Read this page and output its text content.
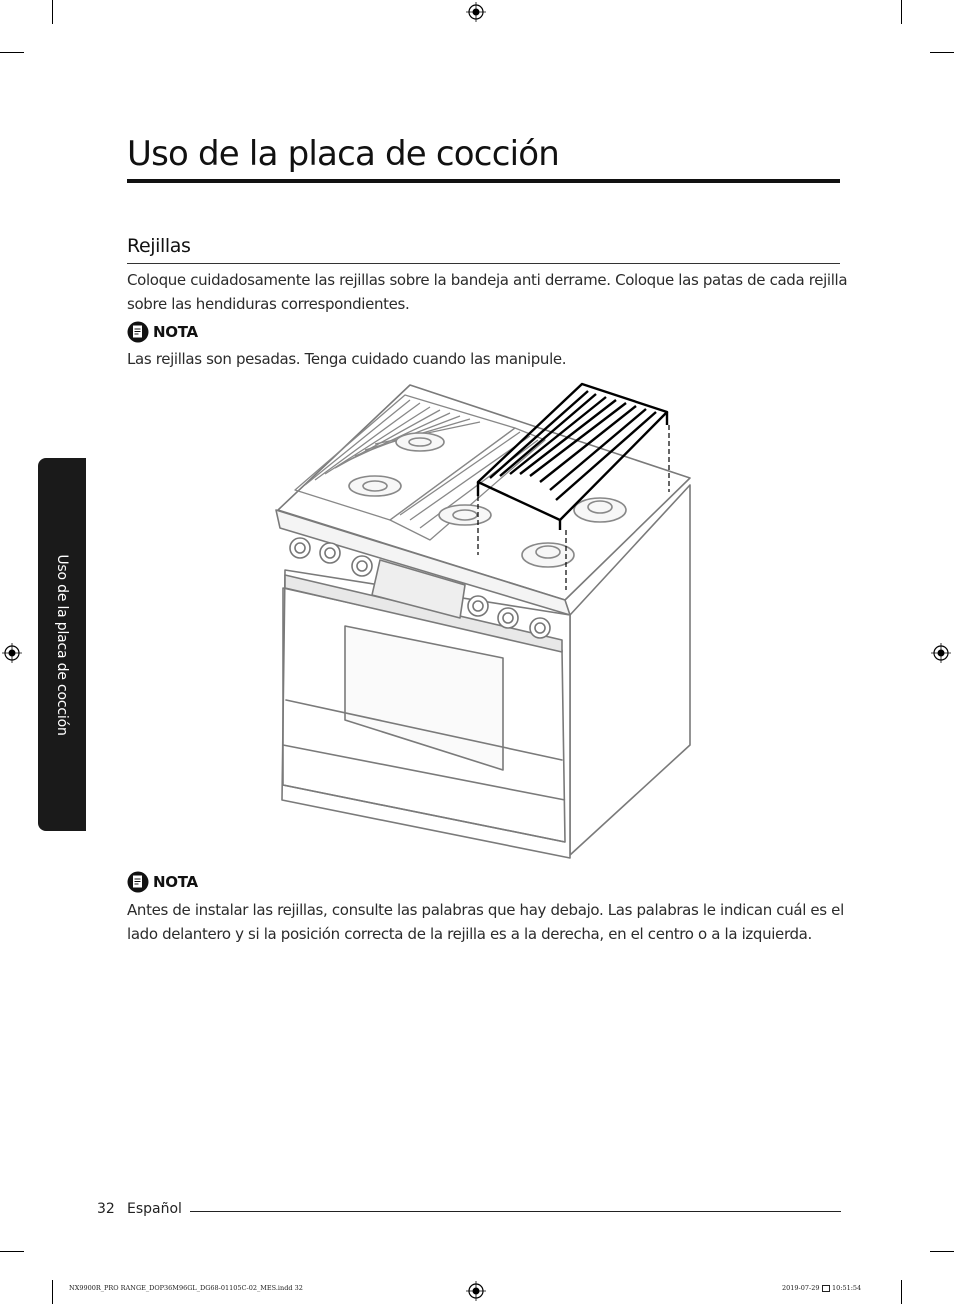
Uso de la placa de cocción
Rejillas
Coloque cuidadosamente las rejillas sobre la bandeja anti derrame. Coloque las patas de cada rejilla
sobre las hendiduras correspondientes.
NOTA
Las rejillas son pesadas. Tenga cuidado cuando las manipule.
NOTA
Antes de instalar las rejillas, consulte las palabras que hay debajo. Las palabras le indican cuál es el
lado delantero y si la posición correcta de la rejilla es a la derecha, en el centro o a la izquierda.
Uso de la placa de cocción
32 Español
NX9900R_PRO RANGE_DOP36M96GL_DG68-01105C-02_MES.indd 32	2019-07-29 10:51:54
